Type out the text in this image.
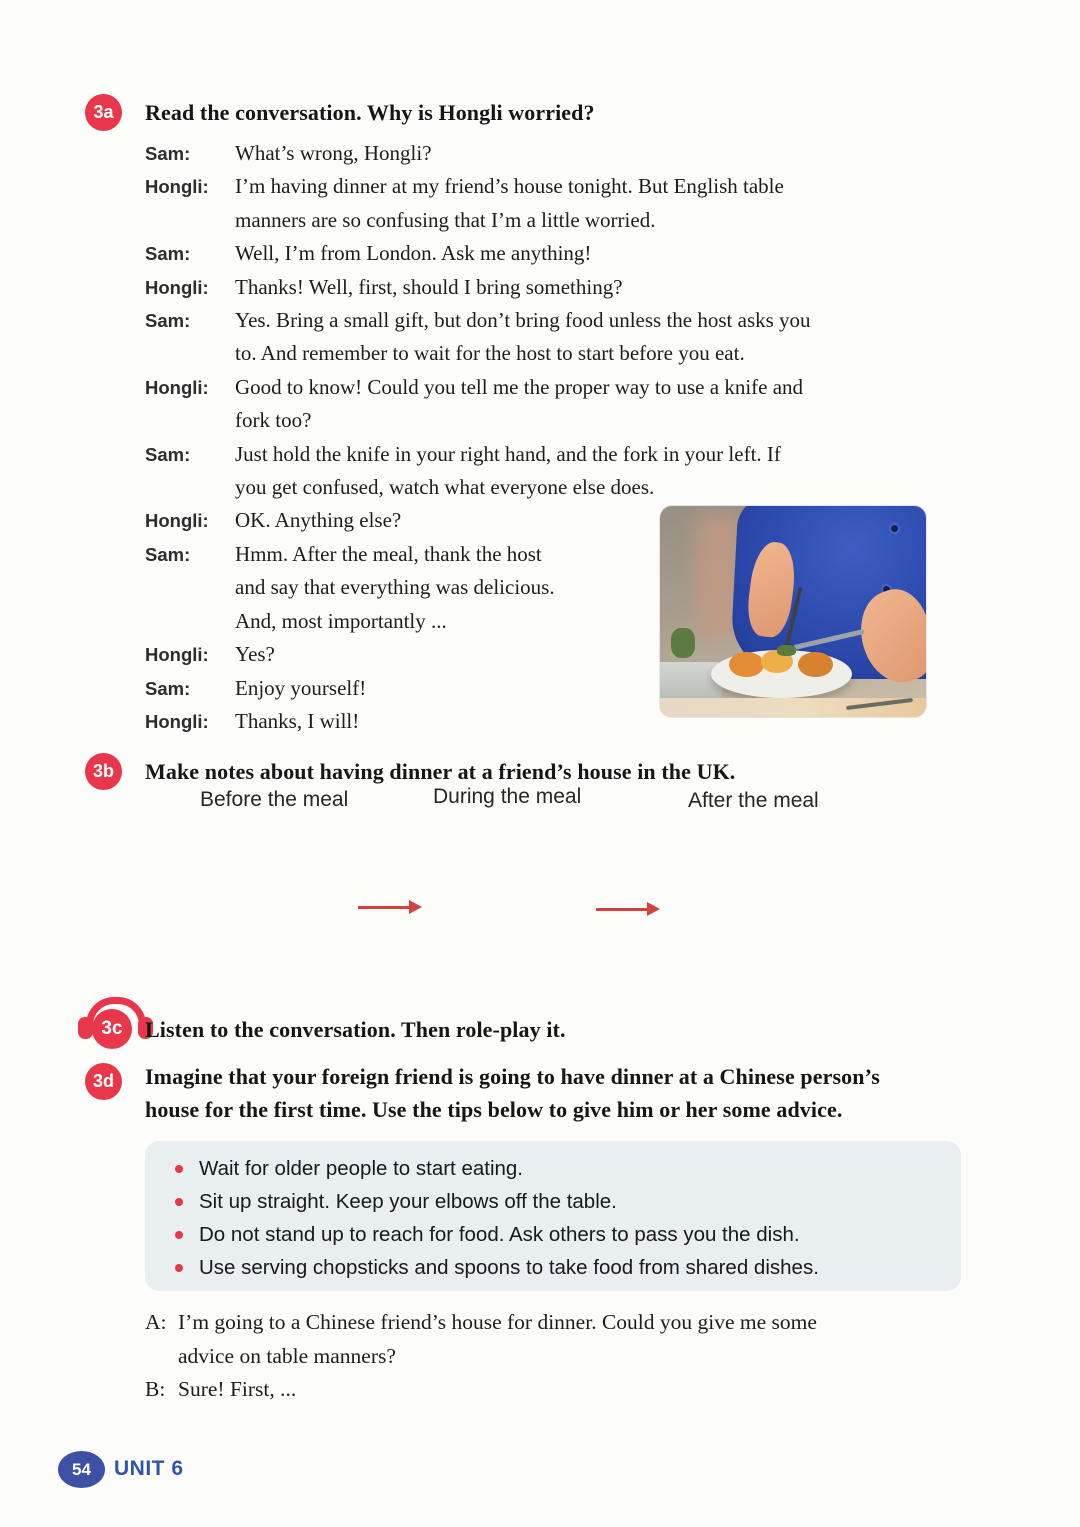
3a	Read the conversation. Why is Hongli worried?
Sam:	What’s wrong, Hongli?
Hongli:	I’m having dinner at my friend’s house tonight. But English table
manners are so confusing that I’m a little worried.
Sam:	Well, I’m from London. Ask me anything!
Hongli:	Thanks! Well, first, should I bring something?
Sam:	Yes. Bring a small gift, but don’t bring food unless the host asks you
to. And remember to wait for the host to start before you eat.
Hongli:	Good to know! Could you tell me the proper way to use a knife and
fork too?
Sam:	Just hold the knife in your right hand, and the fork in your left. If
you get confused, watch what everyone else does.
Hongli:	OK. Anything else?
Sam:	Hmm. After the meal, thank the host
and say that everything was delicious.
And, most importantly ...
Hongli:	Yes?
Sam:	Enjoy yourself!
Hongli:	Thanks, I will!
3b	Make notes about having dinner at a friend’s house in the UK.
Before the meal	During the meal	After the meal
3c	Listen to the conversation. Then role-play it.
3d	Imagine that your foreign friend is going to have dinner at a Chinese person’s
house for the first time. Use the tips below to give him or her some advice.
Wait for older people to start eating.
Sit up straight. Keep your elbows off the table.
Do not stand up to reach for food. Ask others to pass you the dish.
Use serving chopsticks and spoons to take food from shared dishes.
A: I’m going to a Chinese friend’s house for dinner. Could you give me some
advice on table manners?
B: Sure! First, ...
54 UNIT 6
